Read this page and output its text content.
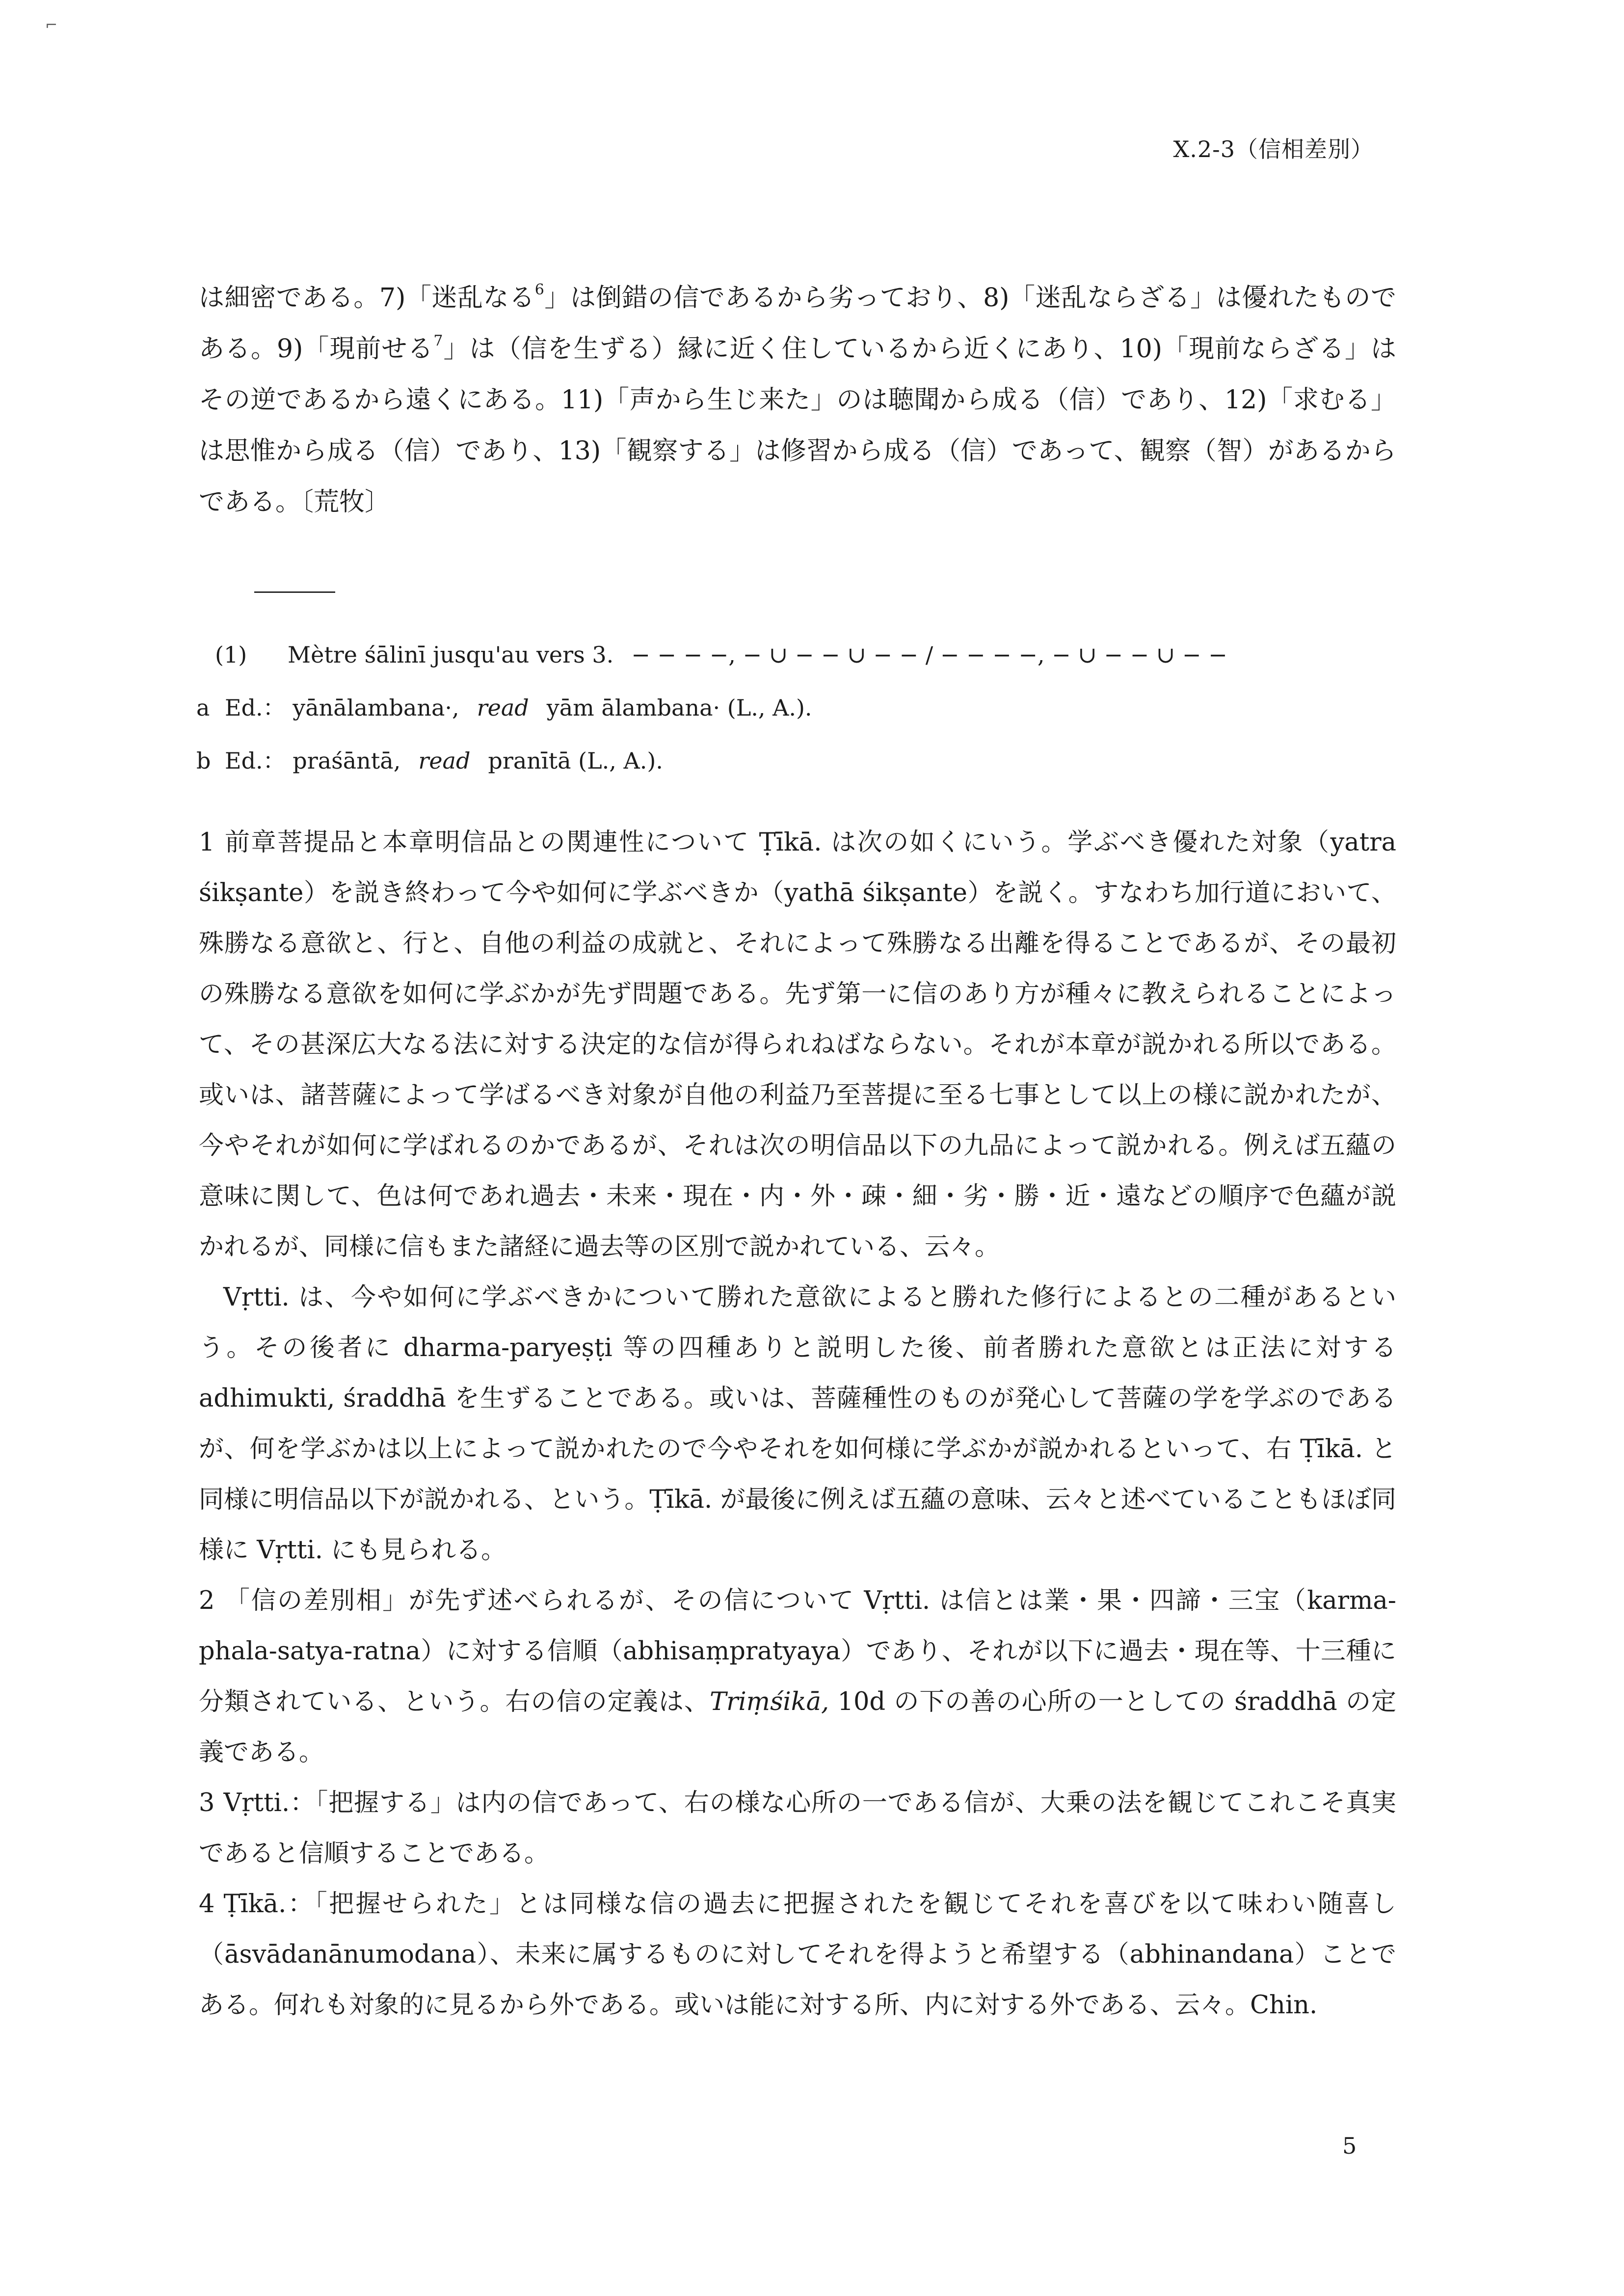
⌐
X.2-3（信相差別）

は細密である。7)「迷乱なる$^6$」は倒錯の信であるから劣っており、8)「迷乱ならざる」は優れたものである。9)「現前せる$^7$」は（信を生ずる）縁に近く住しているから近くにあり、10)「現前ならざる」はその逆であるから遠くにある。11)「声から生じ来た」のは聴聞から成る（信）であり、12)「求むる」は思惟から成る（信）であり、13)「観察する」は修習から成る（信）であって、観察（智）があるからである。〔荒牧〕

(1) Mètre śālinī jusqu'au vers 3. − − − −, − ∪ − − ∪ − − / − − − −, − ∪ − − ∪ − −
a Ed.： yānālambana·, read yām ālambana· (L., A.).
b Ed.： praśāntā, read pranītā (L., A.).

1 前章菩提品と本章明信品との関連性について Ṭīkā. は次の如くにいう。学ぶべき優れた対象（yatra śikṣante）を説き終わって今や如何に学ぶべきか（yathā śikṣante）を説く。すなわち加行道において、殊勝なる意欲と、行と、自他の利益の成就と、それによって殊勝なる出離を得ることであるが、その最初の殊勝なる意欲を如何に学ぶかが先ず問題である。先ず第一に信のあり方が種々に教えられることによって、その甚深広大なる法に対する決定的な信が得られねばならない。それが本章が説かれる所以である。或いは、諸菩薩によって学ばるべき対象が自他の利益乃至菩提に至る七事として以上の様に説かれたが、今やそれが如何に学ばれるのかであるが、それは次の明信品以下の九品によって説かれる。例えば五蘊の意味に関して、色は何であれ過去・未来・現在・内・外・疎・細・劣・勝・近・遠などの順序で色蘊が説かれるが、同様に信もまた諸経に過去等の区別で説かれている、云々。

Vṛtti. は、今や如何に学ぶべきかについて勝れた意欲によると勝れた修行によるとの二種があるという。その後者に dharma-paryeṣṭi 等の四種ありと説明した後、前者勝れた意欲とは正法に対する adhimukti, śraddhā を生ずることである。或いは、菩薩種性のものが発心して菩薩の学を学ぶのであるが、何を学ぶかは以上によって説かれたので今やそれを如何様に学ぶかが説かれるといって、右 Ṭīkā. と同様に明信品以下が説かれる、という。Ṭīkā. が最後に例えば五蘊の意味、云々と述べていることもほぼ同様に Vṛtti. にも見られる。

2 「信の差別相」が先ず述べられるが、その信について Vṛtti. は信とは業・果・四諦・三宝（karma-phala-satya-ratna）に対する信順（abhisaṃpratyaya）であり、それが以下に過去・現在等、十三種に分類されている、という。右の信の定義は、Triṃśikā, 10d の下の善の心所の一としての śraddhā の定義である。

3 Vṛtti.：「把握する」は内の信であって、右の様な心所の一である信が、大乗の法を観じてこれこそ真実であると信順することである。

4 Ṭīkā.：「把握せられた」とは同様な信の過去に把握されたを観じてそれを喜びを以て味わい随喜し（āsvādanānumodana）、未来に属するものに対してそれを得ようと希望する（abhinandana）ことである。何れも対象的に見るから外である。或いは能に対する所、内に対する外である、云々。Chin.

5
